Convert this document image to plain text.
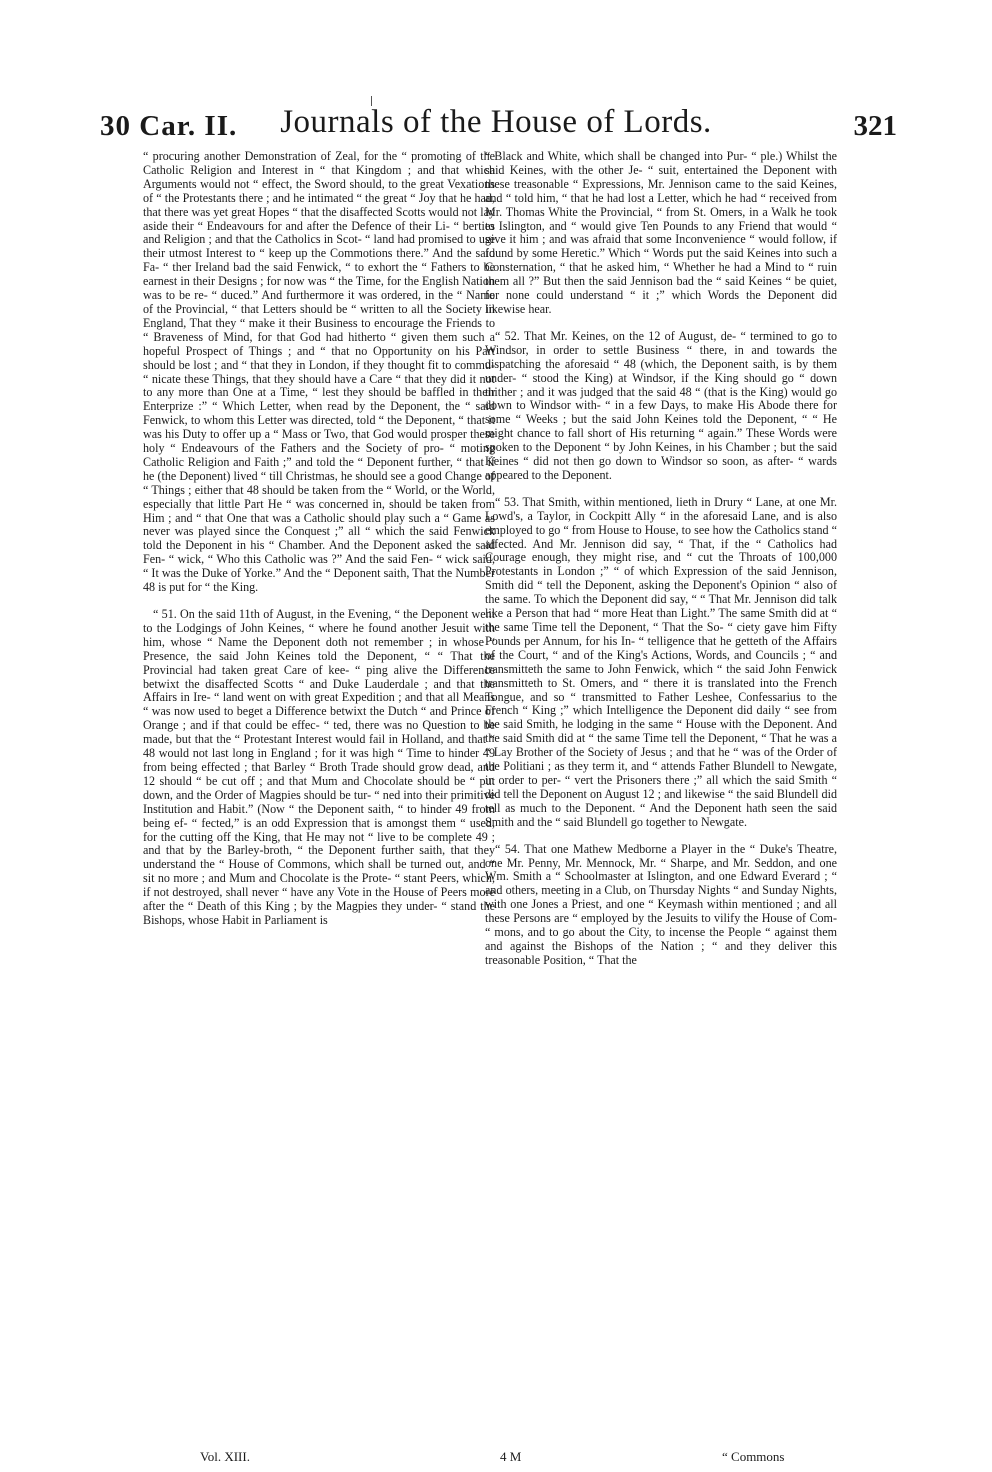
30 Car. II.	Journals of the House of Lords.	321

“ procuring another Demonstration of Zeal, for the “ promoting of the Catholic Religion and Interest in “ that Kingdom ; and that which Arguments would not “ effect, the Sword should, to the great Vexations of “ the Protestants there ; and he intimated “ the great “ Joy that he had, that there was yet great Hopes “ that the disaffected Scotts would not lay aside their “ Endeavours for and after the Defence of their Li- “ berties and Religion ; and that the Catholics in Scot- “ land had promised to use their utmost Interest to “ keep up the Commotions there.” And the said Fa- “ ther Ireland bad the said Fenwick, “ to exhort the “ Fathers to be earnest in their Designs ; for now was “ the Time, for the English Nation was to be re- “ duced.” And furthermore it was ordered, in the “ Name of the Provincial, “ that Letters should be “ written to all the Society in England, That they “ make it their Business to encourage the Friends to “ Braveness of Mind, for that God had hitherto “ given them such a hopeful Prospect of Things ; and “ that no Opportunity on his Part should be lost ; and “ that they in London, if they thought fit to commu- “ nicate these Things, that they should have a Care “ that they did it not to any more than One at a Time, “ lest they should be baffled in their Enterprize :” “ Which Letter, when read by the Deponent, the “ said Fenwick, to whom this Letter was directed, told “ the Deponent, “ that it was his Duty to offer up a “ Mass or Two, that God would prosper these holy “ Endeavours of the Fathers and the Society of pro- “ moting Catholic Religion and Faith ;” and told the “ Deponent further, “ that if he (the Deponent) lived “ till Christmas, he should see a good Change of “ Things ; either that 48 should be taken from the “ World, or the World, especially that little Part He “ was concerned in, should be taken from Him ; and “ that One that was a Catholic should play such a “ Game as never was played since the Conquest ;” all “ which the said Fenwick told the Deponent in his “ Chamber. And the Deponent asked the said Fen- “ wick, “ Who this Catholic was ?” And the said Fen- “ wick said, “ It was the Duke of Yorke.” And the “ Deponent saith, That the Number 48 is put for “ the King.

“ 51. On the said 11th of August, in the Evening, “ the Deponent went to the Lodgings of John Keines, “ where he found another Jesuit with him, whose “ Name the Deponent doth not remember ; in whose “ Presence, the said John Keines told the Deponent, “ “ That the Provincial had taken great Care of kee- “ ping alive the Difference betwixt the disaffected Scotts “ and Duke Lauderdale ; and that the Affairs in Ire- “ land went on with great Expedition ; and that all Means “ was now used to beget a Difference betwixt the Dutch “ and Prince of Orange ; and if that could be effec- “ ted, there was no Question to be made, but that the “ Protestant Interest would fail in Holland, and that “ 48 would not last long in England ; for it was high “ Time to hinder 49 from being effected ; that Barley “ Broth Trade should grow dead, and 12 should “ be cut off ; and that Mum and Chocolate should be “ put down, and the Order of Magpies should be tur- “ ned into their primitive Institution and Habit.” (Now “ the Deponent saith, “ to hinder 49 from being ef- “ fected,” is an odd Expression that is amongst them “ used, for the cutting off the King, that He may not “ live to be complete 49 ; and that by the Barley-broth, “ the Deponent further saith, that they understand the “ House of Commons, which shall be turned out, and “ sit no more ; and Mum and Chocolate is the Prote- “ stant Peers, which, if not destroyed, shall never “ have any Vote in the House of Peers more after the “ Death of this King ; by the Magpies they under- “ stand the Bishops, whose Habit in Parliament is

“ Black and White, which shall be changed into Pur- “ ple.) Whilst the said Keines, with the other Je- “ suit, entertained the Deponent with these treasonable “ Expressions, Mr. Jennison came to the said Keines, and “ told him, “ that he had lost a Letter, which he had “ received from Mr. Thomas White the Provincial, “ from St. Omers, in a Walk he took to Islington, and “ would give Ten Pounds to any Friend that would “ give it him ; and was afraid that some Inconvenience “ would follow, if found by some Heretic.” Which “ Words put the said Keines into such a Consternation, “ that he asked him, “ Whether he had a Mind to “ ruin them all ?” But then the said Jennison bad the “ said Keines “ be quiet, for none could understand “ it ;” which Words the Deponent did likewise hear.

“ 52. That Mr. Keines, on the 12 of August, de- “ termined to go to Windsor, in order to settle Business “ there, in and towards the dispatching the aforesaid “ 48 (which, the Deponent saith, is by them under- “ stood the King) at Windsor, if the King should go “ down thither ; and it was judged that the said 48 “ (that is the King) would go down to Windsor with- “ in a few Days, to make His Abode there for some “ Weeks ; but the said John Keines told the Deponent, “ “ He might chance to fall short of His returning “ again.” These Words were spoken to the Deponent “ by John Keines, in his Chamber ; but the said Keines “ did not then go down to Windsor so soon, as after- “ wards appeared to the Deponent.

“ 53. That Smith, within mentioned, lieth in Drury “ Lane, at one Mr. Lowd's, a Taylor, in Cockpitt Ally “ in the aforesaid Lane, and is also employed to go “ from House to House, to see how the Catholics stand “ affected. And Mr. Jennison did say, “ That, if the “ Catholics had Courage enough, they might rise, and “ cut the Throats of 100,000 Protestants in London ;” “ of which Expression of the said Jennison, Smith did “ tell the Deponent, asking the Deponent's Opinion “ also of the same. To which the Deponent did say, “ “ That Mr. Jennison did talk like a Person that had “ more Heat than Light.” The same Smith did at “ the same Time tell the Deponent, “ That the So- “ ciety gave him Fifty Pounds per Annum, for his In- “ telligence that he getteth of the Affairs of the Court, “ and of the King's Actions, Words, and Councils ; “ and transmitteth the same to John Fenwick, which “ the said John Fenwick transmitteth to St. Omers, and “ there it is translated into the French Tongue, and so “ transmitted to Father Leshee, Confessarius to the French “ King ;” which Intelligence the Deponent did daily “ see from the said Smith, he lodging in the same “ House with the Deponent. And the said Smith did at “ the same Time tell the Deponent, “ That he was a “ Lay Brother of the Society of Jesus ; and that he “ was of the Order of the Politiani ; as they term it, and “ attends Father Blundell to Newgate, in order to per- “ vert the Prisoners there ;” all which the said Smith “ did tell the Deponent on August 12 ; and likewise “ the said Blundell did tell as much to the Deponent. “ And the Deponent hath seen the said Smith and the “ said Blundell go together to Newgate.

“ 54. That one Mathew Medborne a Player in the “ Duke's Theatre, one Mr. Penny, Mr. Mennock, Mr. “ Sharpe, and Mr. Seddon, and one Wm. Smith a “ Schoolmaster at Islington, and one Edward Everard ; “ and others, meeting in a Club, on Thursday Nights “ and Sunday Nights, with one Jones a Priest, and one “ Keymash within mentioned ; and all these Persons are “ employed by the Jesuits to vilify the House of Com- “ mons, and to go about the City, to incense the People “ against them and against the Bishops of the Nation ; “ and they deliver this treasonable Position, “ That the

Vol. XIII.	4 M	“ Commons
